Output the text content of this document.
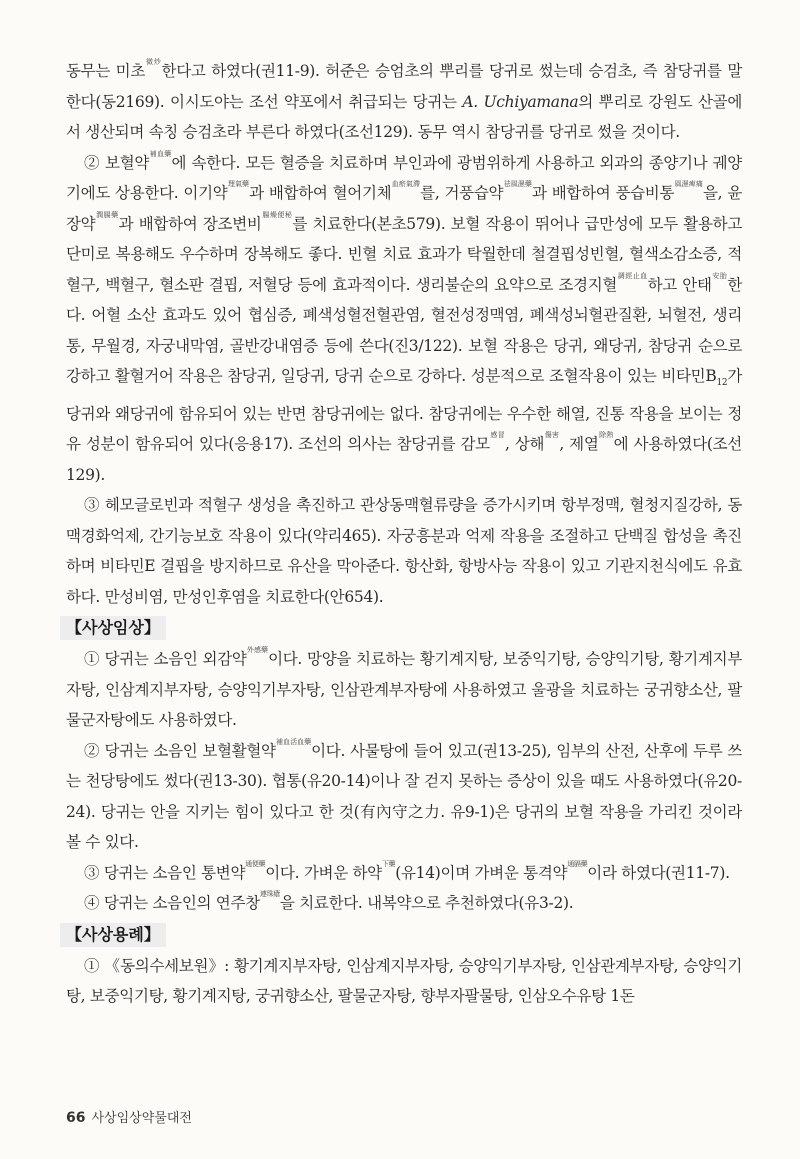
동무는 미초$^{微炒}$한다고 하였다(권11-9). 허준은 승엄초의 뿌리를 당귀로 썼는데 승검초, 즉 참당귀를 말한다(동2169). 이시도야는 조선 약포에서 취급되는 당귀는 A. Uchiyamana의 뿌리로 강원도 산골에서 생산되며 속칭 승검초라 부른다 하였다(조선129). 동무 역시 참당귀를 당귀로 썼을 것이다.

② 보혈약$^{補血藥}$에 속한다. 모든 혈증을 치료하며 부인과에 광범위하게 사용하고 외과의 종양기나 궤양기에도 상용한다. 이기약$^{理氣藥}$과 배합하여 혈어기체$^{血瘀氣滯}$를, 거풍습약$^{祛風濕藥}$과 배합하여 풍습비통$^{風濕痺痛}$을, 윤장약$^{潤腸藥}$과 배합하여 장조변비$^{腸燥便秘}$를 치료한다(본초579). 보혈 작용이 뛰어나 급만성에 모두 활용하고 단미로 복용해도 우수하며 장복해도 좋다. 빈혈 치료 효과가 탁월한데 철결핍성빈혈, 혈색소감소증, 적혈구, 백혈구, 혈소판 결핍, 저혈당 등에 효과적이다. 생리불순의 요약으로 조경지혈$^{調經止血}$하고 안태$^{安胎}$한다. 어혈 소산 효과도 있어 협심증, 폐색성혈전혈관염, 혈전성정맥염, 폐색성뇌혈관질환, 뇌혈전, 생리통, 무월경, 자궁내막염, 골반강내염증 등에 쓴다(진3/122). 보혈 작용은 당귀, 왜당귀, 참당귀 순으로 강하고 활혈거어 작용은 참당귀, 일당귀, 당귀 순으로 강하다. 성분적으로 조혈작용이 있는 비타민$B_{12}$가 당귀와 왜당귀에 함유되어 있는 반면 참당귀에는 없다. 참당귀에는 우수한 해열, 진통 작용을 보이는 정유 성분이 함유되어 있다(응용17). 조선의 의사는 참당귀를 감모$^{感冒}$, 상해$^{傷害}$, 제열$^{除熱}$에 사용하였다(조선129).

③ 헤모글로빈과 적혈구 생성을 촉진하고 관상동맥혈류량을 증가시키며 항부정맥, 혈청지질강하, 동맥경화억제, 간기능보호 작용이 있다(약리465). 자궁흥분과 억제 작용을 조절하고 단백질 합성을 촉진하며 비타민E 결핍을 방지하므로 유산을 막아준다. 항산화, 항방사능 작용이 있고 기관지천식에도 유효하다. 만성비염, 만성인후염을 치료한다(안654).

【사상임상】

① 당귀는 소음인 외감약$^{外感藥}$이다. 망양을 치료하는 황기계지탕, 보중익기탕, 승양익기탕, 황기계지부자탕, 인삼계지부자탕, 승양익기부자탕, 인삼관계부자탕에 사용하였고 울광을 치료하는 궁귀향소산, 팔물군자탕에도 사용하였다.

② 당귀는 소음인 보혈활혈약$^{補血活血藥}$이다. 사물탕에 들어 있고(권13-25), 임부의 산전, 산후에 두루 쓰는 천당탕에도 썼다(권13-30). 협통(유20-14)이나 잘 걷지 못하는 증상이 있을 때도 사용하였다(유20-24). 당귀는 안을 지키는 힘이 있다고 한 것(有內守之力. 유9-1)은 당귀의 보혈 작용을 가리킨 것이라 볼 수 있다.

③ 당귀는 소음인 통변약$^{通便藥}$이다. 가벼운 하약$^{下藥}$(유14)이며 가벼운 통격약$^{通膈藥}$이라 하였다(권11-7).

④ 당귀는 소음인의 연주창$^{連珠瘡}$을 치료한다. 내복약으로 추천하였다(유3-2).

【사상용례】

① 《동의수세보원》: 황기계지부자탕, 인삼계지부자탕, 승양익기부자탕, 인삼관계부자탕, 승양익기탕, 보중익기탕, 황기계지탕, 궁귀향소산, 팔물군자탕, 향부자팔물탕, 인삼오수유탕 1돈

66 사상임상약물대전
